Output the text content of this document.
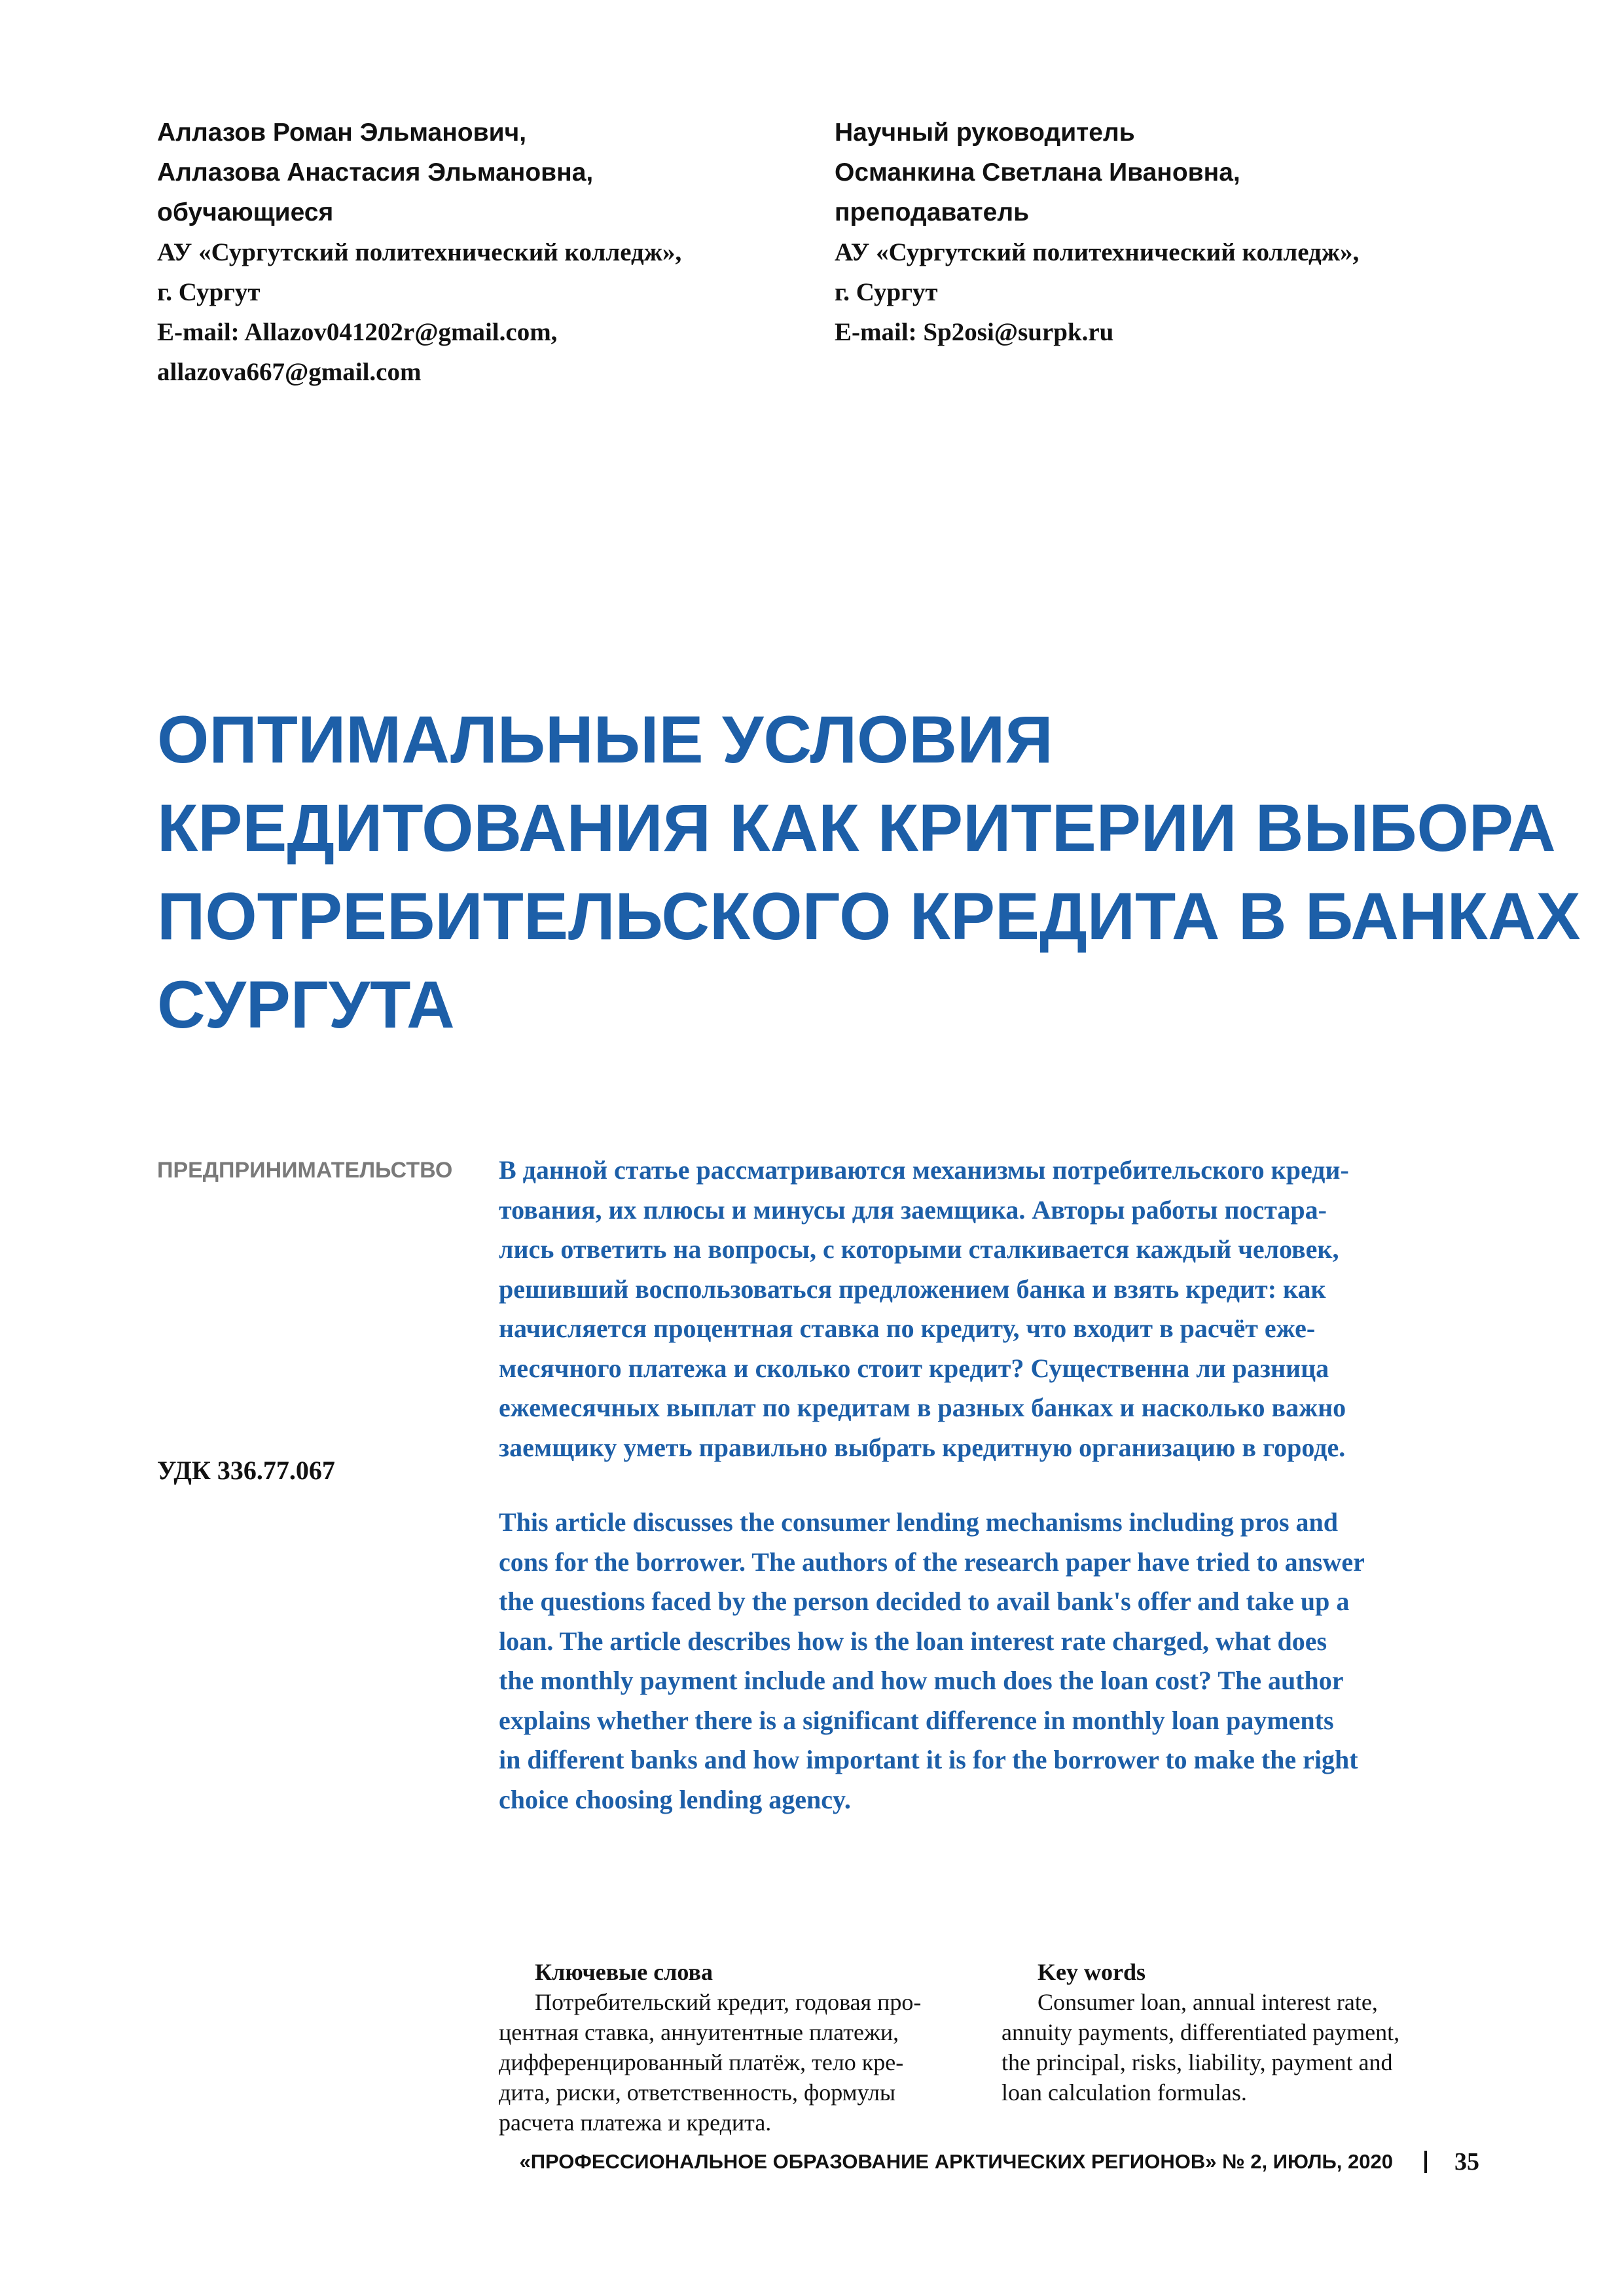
Аллазов Роман Эльманович,
Аллазова Анастасия Эльмановна,
обучающиеся
АУ «Сургутский политехнический колледж»,
г. Сургут
E-mail: Allazov041202r@gmail.com,
allazova667@gmail.com
Научный руководитель
Османкина Светлана Ивановна,
преподаватель
АУ «Сургутский политехнический колледж»,
г. Сургут
E-mail: Sp2osi@surpk.ru
ОПТИМАЛЬНЫЕ УСЛОВИЯ
КРЕДИТОВАНИЯ КАК КРИТЕРИИ ВЫБОРА
ПОТРЕБИТЕЛЬСКОГО КРЕДИТА В БАНКАХ
СУРГУТА
ПРЕДПРИНИМАТЕЛЬСТВО
УДК 336.77.067
В данной статье рассматриваются механизмы потребительского креди-
тования, их плюсы и минусы для заемщика. Авторы работы постара-
лись ответить на вопросы, с которыми сталкивается каждый человек,
решивший воспользоваться предложением банка и взять кредит: как
начисляется процентная ставка по кредиту, что входит в расчёт еже-
месячного платежа и сколько стоит кредит? Существенна ли разница
ежемесячных выплат по кредитам в разных банках и насколько важно
заемщику уметь правильно выбрать кредитную организацию в городе.
This article discusses the consumer lending mechanisms including pros and
cons for the borrower. The authors of the research paper have tried to answer
the questions faced by the person decided to avail bank's offer and take up a
loan. The article describes how is the loan interest rate charged, what does
the monthly payment include and how much does the loan cost? The author
explains whether there is a significant difference in monthly loan payments
in different banks and how important it is for the borrower to make the right
choice choosing lending agency.
Ключевые слова
Потребительский кредит, годовая про-
центная ставка, аннуитентные платежи,
дифференцированный платёж, тело кре-
дита, риски, ответственность, формулы
расчета платежа и кредита.
Key words
Consumer loan, annual interest rate,
annuity payments, differentiated payment,
the principal, risks, liability, payment and
loan calculation formulas.
«ПРОФЕССИОНАЛЬНОЕ ОБРАЗОВАНИЕ АРКТИЧЕСКИХ РЕГИОНОВ» № 2, ИЮЛЬ, 2020 35
